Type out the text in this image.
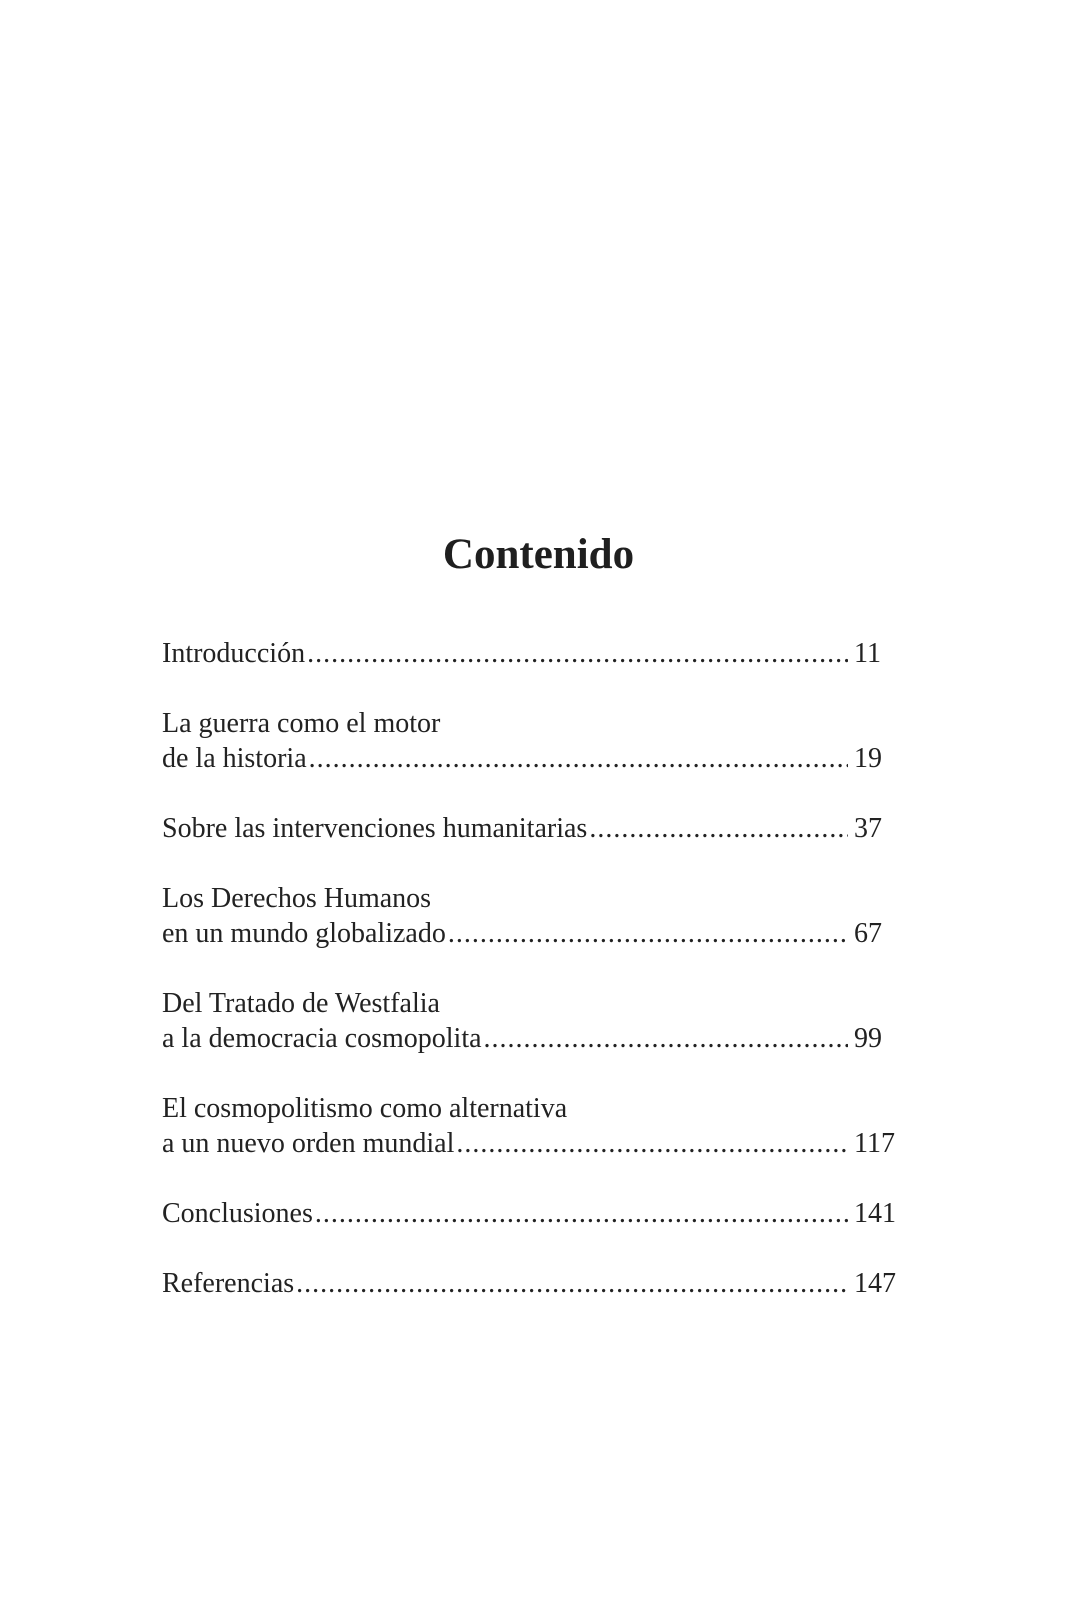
Contenido
Introducción . . .	11
La guerra como el motor
de la historia . . .	19
Sobre las intervenciones humanitarias . . .	37
Los Derechos Humanos
en un mundo globalizado . . .	67
Del Tratado de Westfalia
a la democracia cosmopolita . . .	99
El cosmopolitismo como alternativa
a un nuevo orden mundial . . .	117
Conclusiones . . .	141
Referencias . . .	147
